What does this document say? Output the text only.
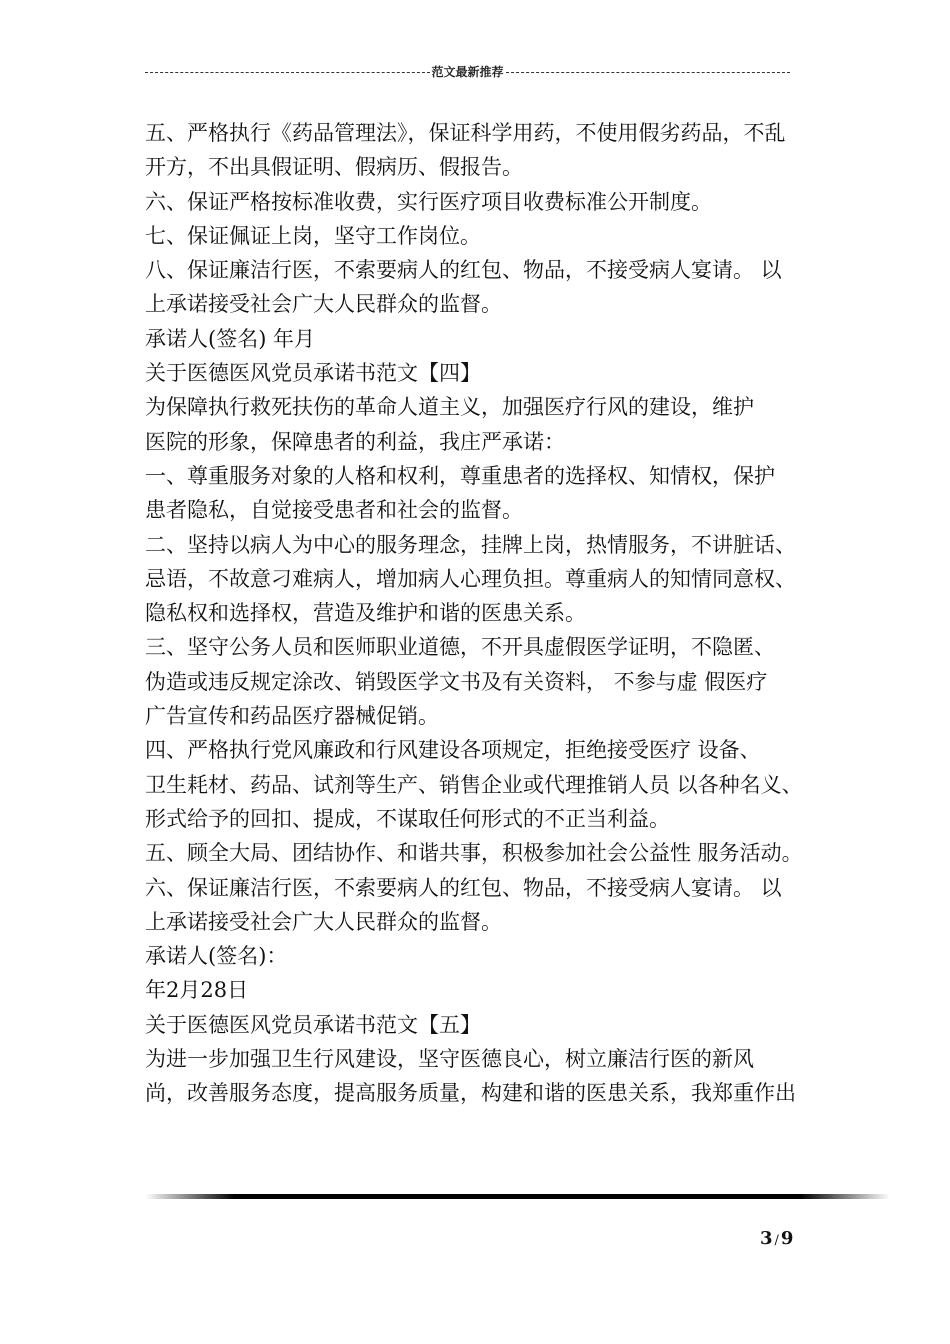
范文最新推荐
五、严格执行《药品管理法》，保证科学用药，不使用假劣药品，不乱
开方，不出具假证明、假病历、假报告。
六、保证严格按标准收费，实行医疗项目收费标准公开制度。
七、保证佩证上岗，坚守工作岗位。
八、保证廉洁行医，不索要病人的红包、物品，不接受病人宴请。 以
上承诺接受社会广大人民群众的监督。
承诺人(签名) 年月
关于医德医风党员承诺书范文【四】
为保障执行救死扶伤的革命人道主义，加强医疗行风的建设，维护
医院的形象，保障患者的利益，我庄严承诺：
一、尊重服务对象的人格和权利，尊重患者的选择权、知情权，保护
患者隐私，自觉接受患者和社会的监督。
二、坚持以病人为中心的服务理念，挂牌上岗，热情服务，不讲脏话、
忌语，不故意刁难病人，增加病人心理负担。尊重病人的知情同意权、
隐私权和选择权，营造及维护和谐的医患关系。
三、坚守公务人员和医师职业道德，不开具虚假医学证明，不隐匿、
伪造或违反规定涂改、销毁医学文书及有关资料， 不参与虚 假医疗
广告宣传和药品医疗器械促销。
四、严格执行党风廉政和行风建设各项规定，拒绝接受医疗 设备、
卫生耗材、药品、试剂等生产、销售企业或代理推销人员 以各种名义、
形式给予的回扣、提成，不谋取任何形式的不正当利益。
五、顾全大局、团结协作、和谐共事，积极参加社会公益性 服务活动。
六、保证廉洁行医，不索要病人的红包、物品，不接受病人宴请。 以
上承诺接受社会广大人民群众的监督。
承诺人(签名)：
年2月28日
关于医德医风党员承诺书范文【五】
为进一步加强卫生行风建设，坚守医德良心，树立廉洁行医的新风
尚，改善服务态度，提高服务质量，构建和谐的医患关系，我郑重作出
3 / 9
